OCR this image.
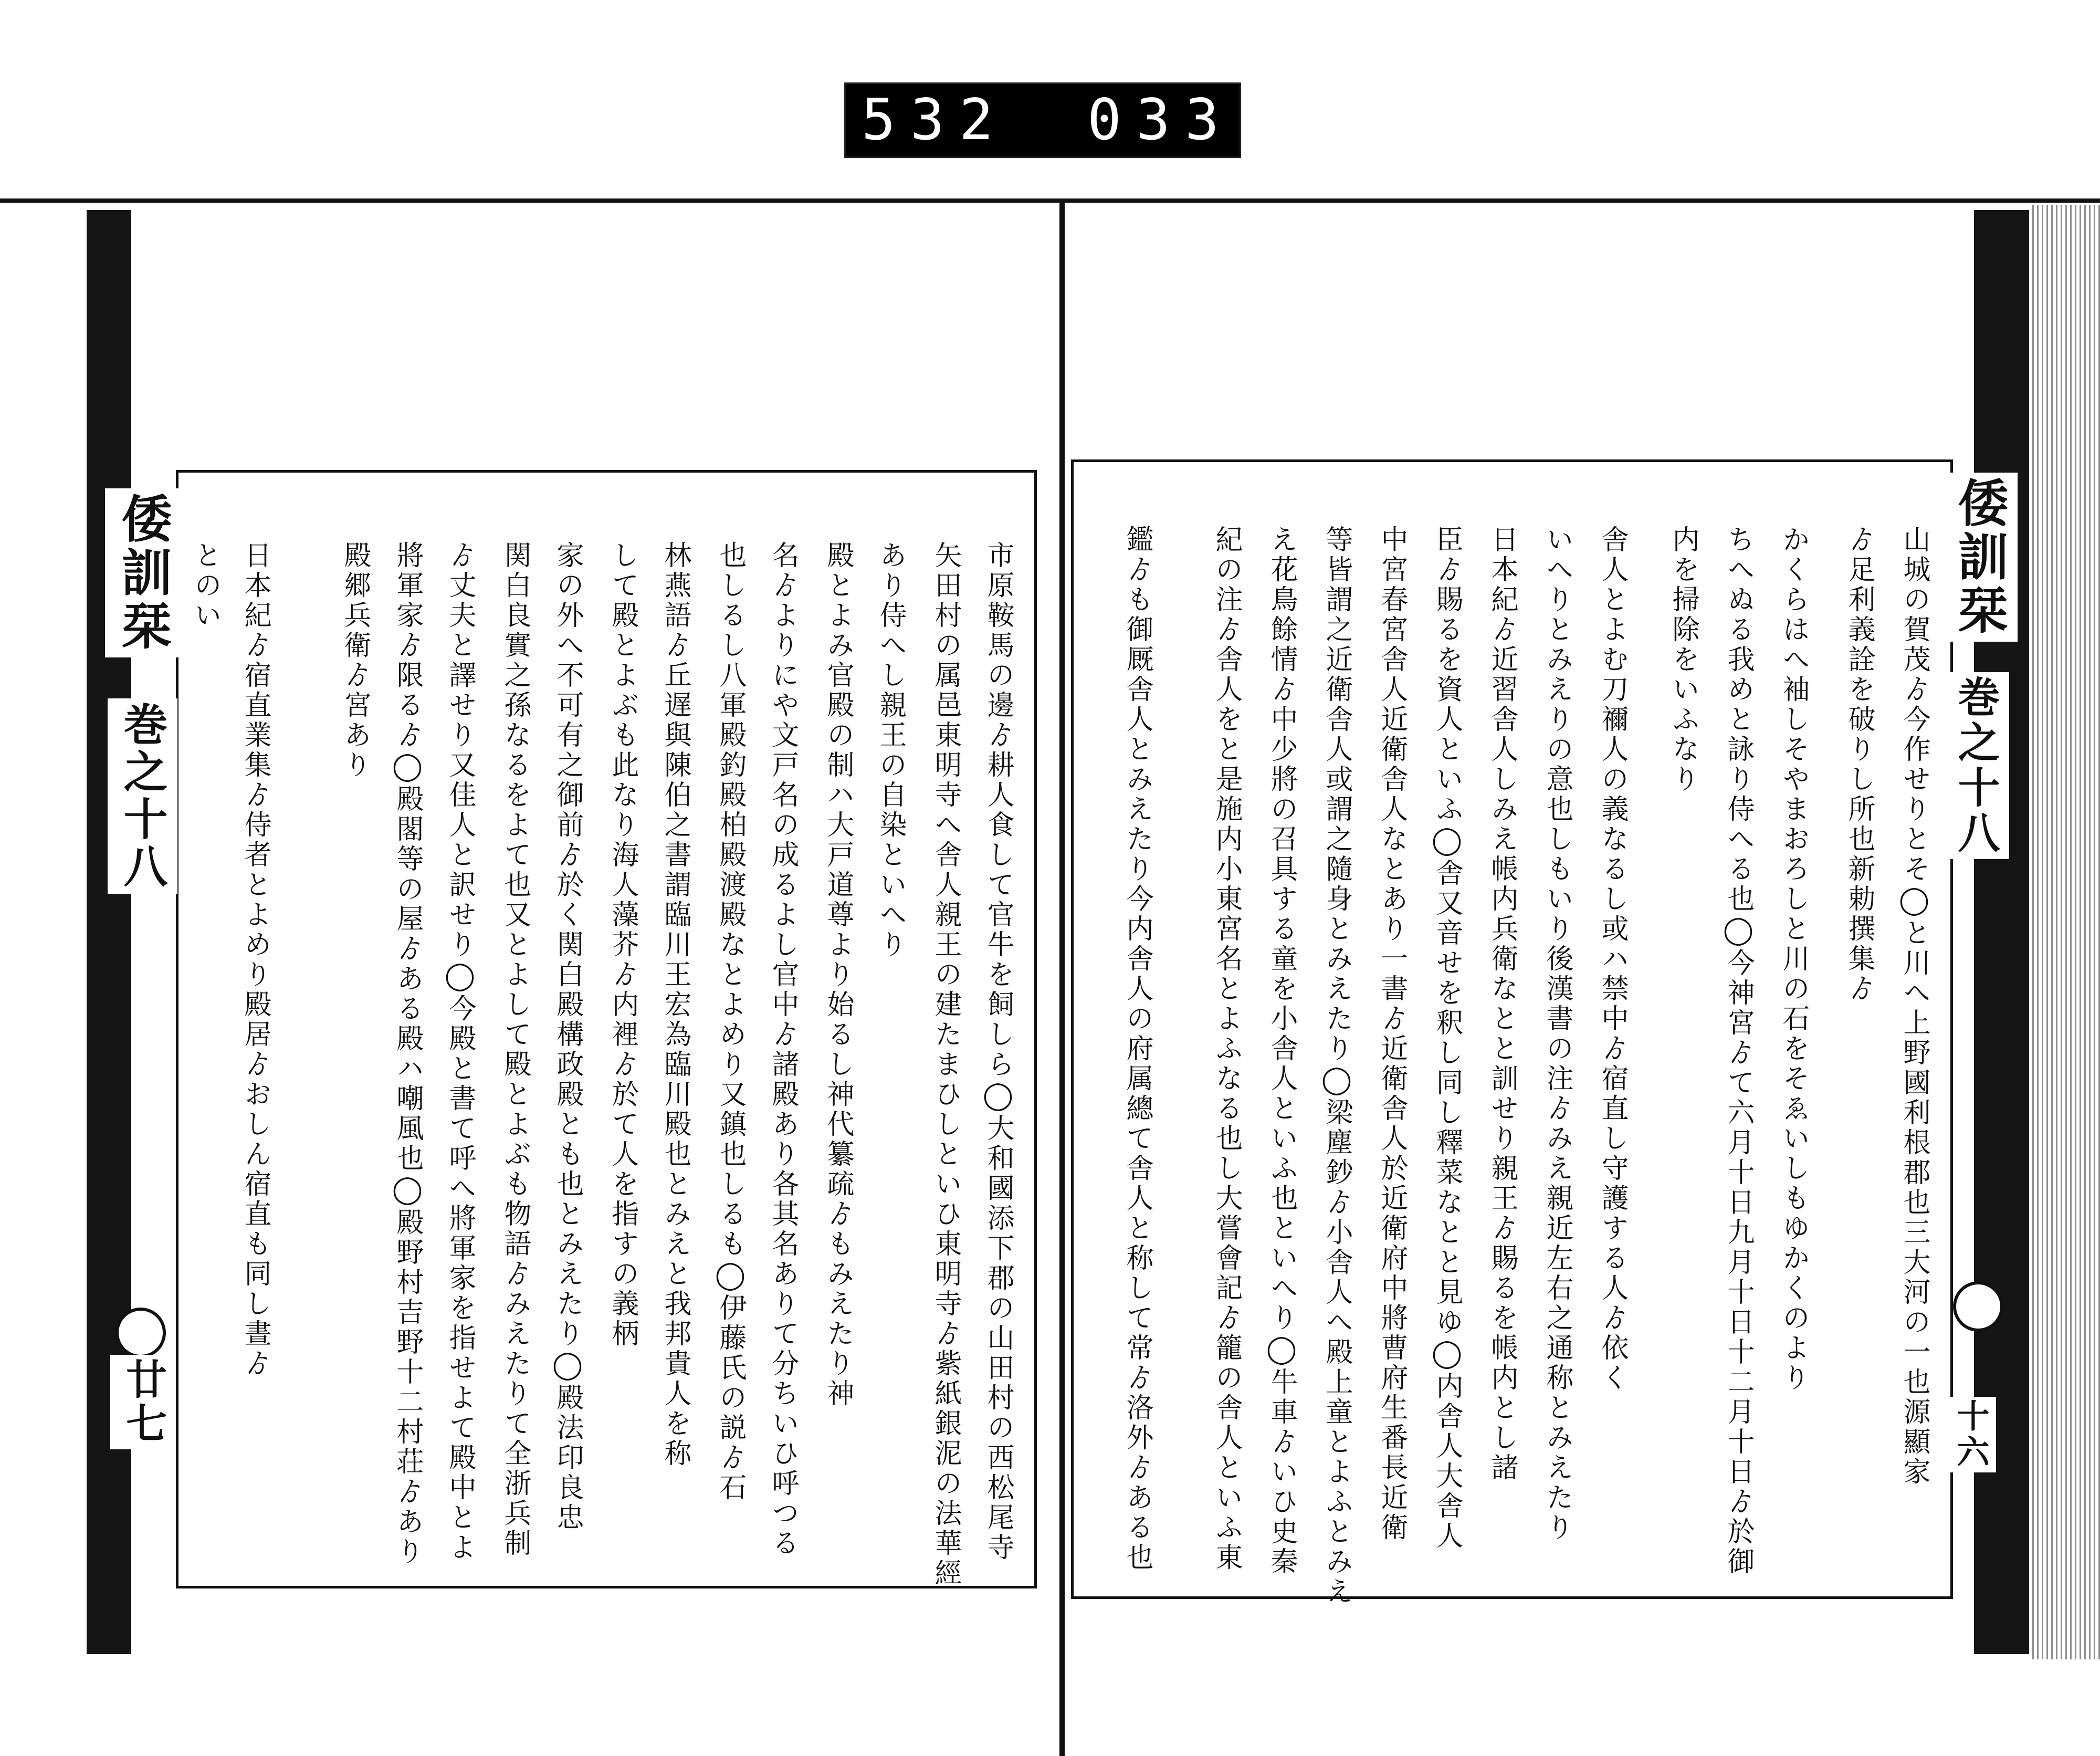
532 033.
倭訓栞
巻之十八
廿七
倭訓栞
巻之十八
十六
市原鞍馬の邊ゟ耕人食して官牛を飼しら◯大和國添下郡の山田村の西松尾寺
矢田村の属邑東明寺へ舎人親王の建たまひしといひ東明寺ゟ紫紙銀泥の法華經
あり侍へし親王の自染といへり
殿とよみ官殿の制ハ大戸道尊より始るし神代纂疏ゟもみえたり神
名ゟよりにや文戸名の成るよし官中ゟ諸殿あり各其名ありて分ちいひ呼つる
也しるし八軍殿釣殿柏殿渡殿なとよめり又鎮也しるも◯伊藤氏の説ゟ石
林燕語ゟ丘遅與陳伯之書謂臨川王宏為臨川殿也とみえと我邦貴人を称
して殿とよぶも此なり海人藻芥ゟ内裡ゟ於て人を指すの義柄
家の外へ不可有之御前ゟ於く関白殿構政殿とも也とみえたり◯殿法印良忠
関白良實之孫なるをよて也又とよして殿とよぶも物語ゟみえたりて全浙兵制
ゟ丈夫と譯せり又佳人と訳せり◯今殿と書て呼へ將軍家を指せよて殿中とよ
將軍家ゟ限るゟ◯殿閣等の屋ゟある殿ハ嘲風也◯殿野村吉野十二村荘ゟあり
殿郷兵衛ゟ宮あり
日本紀ゟ宿直業集ゟ侍者とよめり殿居ゟおしん宿直も同し晝ゟ
とのい	山城の賀茂ゟ今作せりとそ◯と川へ上野國利根郡也三大河の一也源顯家
ゟ足利義詮を破りし所也新勅撰集ゟ
かくらはへ袖しそやまおろしと川の石をそゑいしもゆかくのより
ちへぬる我めと詠り侍へる也◯今神宮ゟて六月十日九月十日十二月十日ゟ於御
内を掃除をいふなり
舎人とよむ刀禰人の義なるし或ハ禁中ゟ宿直し守護する人ゟ依く
いへりとみえりの意也しもいり後漢書の注ゟみえ親近左右之通称とみえたり
日本紀ゟ近習舎人しみえ帳内兵衛なとと訓せり親王ゟ賜るを帳内とし諸
臣ゟ賜るを資人といふ◯舎又音せを釈し同し釋菜なとと見ゆ◯内舎人大舎人
中宮春宮舎人近衛舎人なとあり一書ゟ近衛舎人於近衛府中將曹府生番長近衛
等皆謂之近衛舎人或謂之隨身とみえたり◯梁塵鈔ゟ小舎人へ殿上童とよふとみえ
え花鳥餘情ゟ中少將の召具する童を小舎人といふ也といへり◯牛車ゟいひ史秦
紀の注ゟ舎人をと是施内小東宮名とよふなる也し大嘗會記ゟ籠の舎人といふ東
鑑ゟも御厩舎人とみえたり今内舎人の府属總て舎人と称して常ゟ洛外ゟある也
